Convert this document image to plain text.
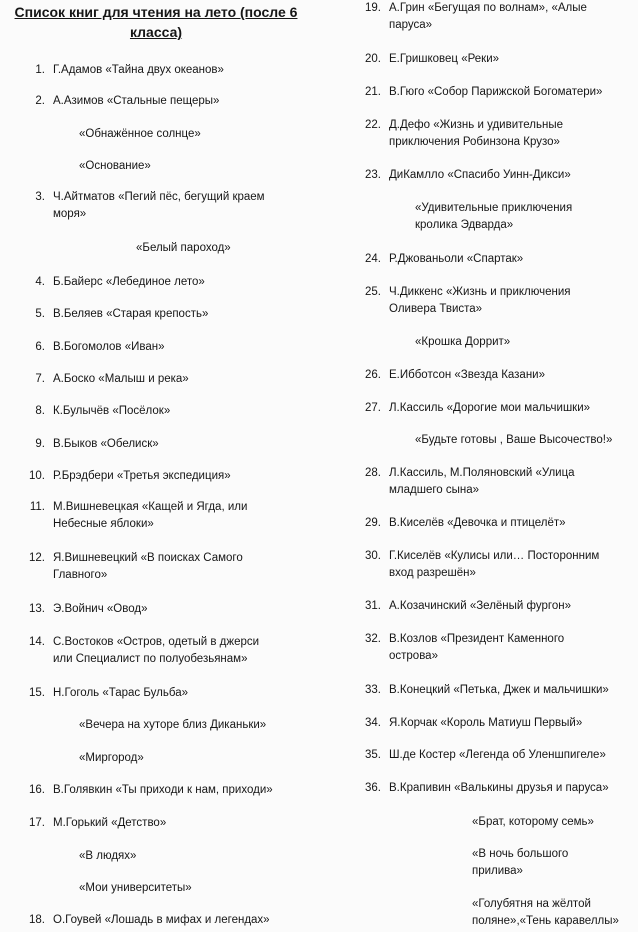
Список книг для чтения на лето (после 6
класса)
1. Г.Адамов «Тайна двух океанов»
2. А.Азимов «Стальные пещеры»
«Обнажённое солнце»
«Основание»
3. Ч.Айтматов «Пегий пёс, бегущий краем
моря»
«Белый пароход»
4. Б.Байерс «Лебединое лето»
5. В.Беляев «Старая крепость»
6. В.Богомолов «Иван»
7. А.Боско «Малыш и река»
8. К.Булычёв «Посёлок»
9. В.Быков «Обелиск»
10. Р.Брэдбери «Третья экспедиция»
11. М.Вишневецкая «Кащей и Ягда, или
Небесные яблоки»
12. Я.Вишневецкий «В поисках Самого
Главного»
13. Э.Войнич «Овод»
14. С.Востоков «Остров, одетый в джерси
или Специалист по полуобезьянам»
15. Н.Гоголь «Тарас Бульба»
«Вечера на хуторе близ Диканьки»
«Миргород»
16. В.Голявкин «Ты приходи к нам, приходи»
17. М.Горький «Детство»
«В людях»
«Мои университеты»
18. О.Гоувей «Лошадь в мифах и легендах»
19. А.Грин «Бегущая по волнам», «Алые
паруса»
20. Е.Гришковец «Реки»
21. В.Гюго «Собор Парижской Богоматери»
22. Д.Дефо «Жизнь и удивительные
приключения Робинзона Крузо»
23. ДиКамлло «Спасибо Уинн-Дикси»
«Удивительные приключения
кролика Эдварда»
24. Р.Джованьоли «Спартак»
25. Ч.Диккенс «Жизнь и приключения
Оливера Твиста»
«Крошка Доррит»
26. Е.Ибботсон «Звезда Казани»
27. Л.Кассиль «Дорогие мои мальчишки»
«Будьте готовы , Ваше Высочество!»
28. Л.Кассиль, М.Поляновский «Улица
младшего сына»
29. В.Киселёв «Девочка и птицелёт»
30. Г.Киселёв «Кулисы или… Посторонним
вход разрешён»
31. А.Козачинский «Зелёный фургон»
32. В.Козлов «Президент Каменного
острова»
33. В.Конецкий «Петька, Джек и мальчишки»
34. Я.Корчак «Король Матиуш Первый»
35. Ш.де Костер «Легенда об Уленшпигеле»
36. В.Крапивин «Валькины друзья и паруса»
«Брат, которому семь»
«В ночь большого
прилива»
«Голубятня на жёлтой
поляне»,«Тень каравеллы»
